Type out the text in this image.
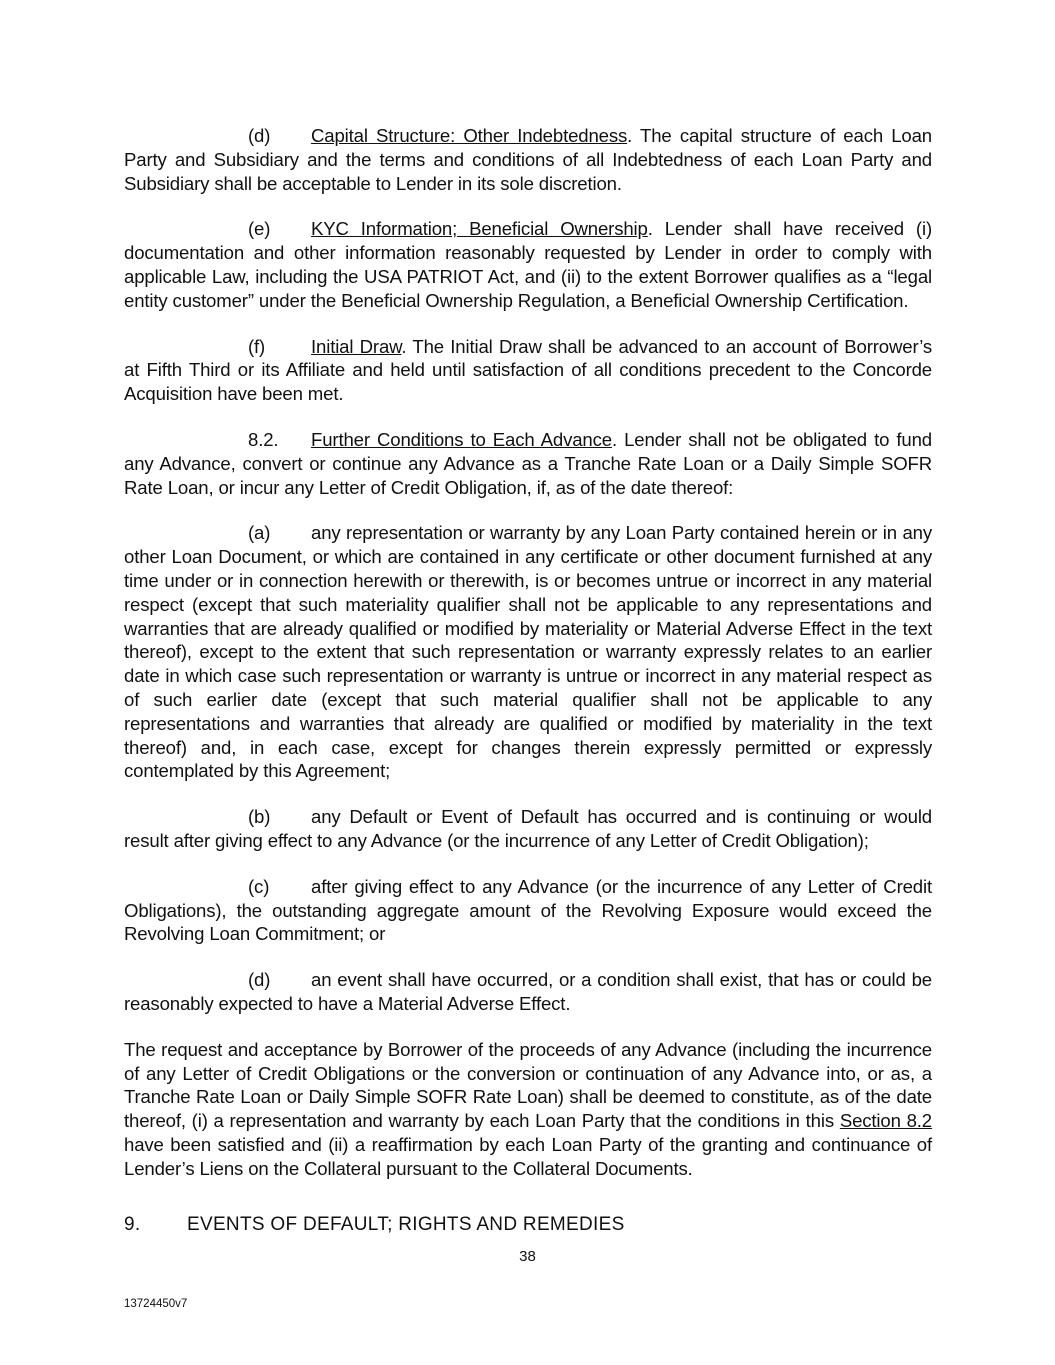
(d) Capital Structure: Other Indebtedness. The capital structure of each Loan Party and Subsidiary and the terms and conditions of all Indebtedness of each Loan Party and Subsidiary shall be acceptable to Lender in its sole discretion.

(e) KYC Information; Beneficial Ownership. Lender shall have received (i) documentation and other information reasonably requested by Lender in order to comply with applicable Law, including the USA PATRIOT Act, and (ii) to the extent Borrower qualifies as a “legal entity customer” under the Beneficial Ownership Regulation, a Beneficial Ownership Certification.

(f) Initial Draw. The Initial Draw shall be advanced to an account of Borrower’s at Fifth Third or its Affiliate and held until satisfaction of all conditions precedent to the Concorde Acquisition have been met.

8.2. Further Conditions to Each Advance. Lender shall not be obligated to fund any Advance, convert or continue any Advance as a Tranche Rate Loan or a Daily Simple SOFR Rate Loan, or incur any Letter of Credit Obligation, if, as of the date thereof:

(a) any representation or warranty by any Loan Party contained herein or in any other Loan Document, or which are contained in any certificate or other document furnished at any time under or in connection herewith or therewith, is or becomes untrue or incorrect in any material respect (except that such materiality qualifier shall not be applicable to any representations and warranties that are already qualified or modified by materiality or Material Adverse Effect in the text thereof), except to the extent that such representation or warranty expressly relates to an earlier date in which case such representation or warranty is untrue or incorrect in any material respect as of such earlier date (except that such material qualifier shall not be applicable to any representations and warranties that already are qualified or modified by materiality in the text thereof) and, in each case, except for changes therein expressly permitted or expressly contemplated by this Agreement;

(b) any Default or Event of Default has occurred and is continuing or would result after giving effect to any Advance (or the incurrence of any Letter of Credit Obligation);

(c) after giving effect to any Advance (or the incurrence of any Letter of Credit Obligations), the outstanding aggregate amount of the Revolving Exposure would exceed the Revolving Loan Commitment; or

(d) an event shall have occurred, or a condition shall exist, that has or could be reasonably expected to have a Material Adverse Effect.

The request and acceptance by Borrower of the proceeds of any Advance (including the incurrence of any Letter of Credit Obligations or the conversion or continuation of any Advance into, or as, a Tranche Rate Loan or Daily Simple SOFR Rate Loan) shall be deemed to constitute, as of the date thereof, (i) a representation and warranty by each Loan Party that the conditions in this Section 8.2 have been satisfied and (ii) a reaffirmation by each Loan Party of the granting and continuance of Lender’s Liens on the Collateral pursuant to the Collateral Documents.

9. EVENTS OF DEFAULT; RIGHTS AND REMEDIES
38
13724450v7
